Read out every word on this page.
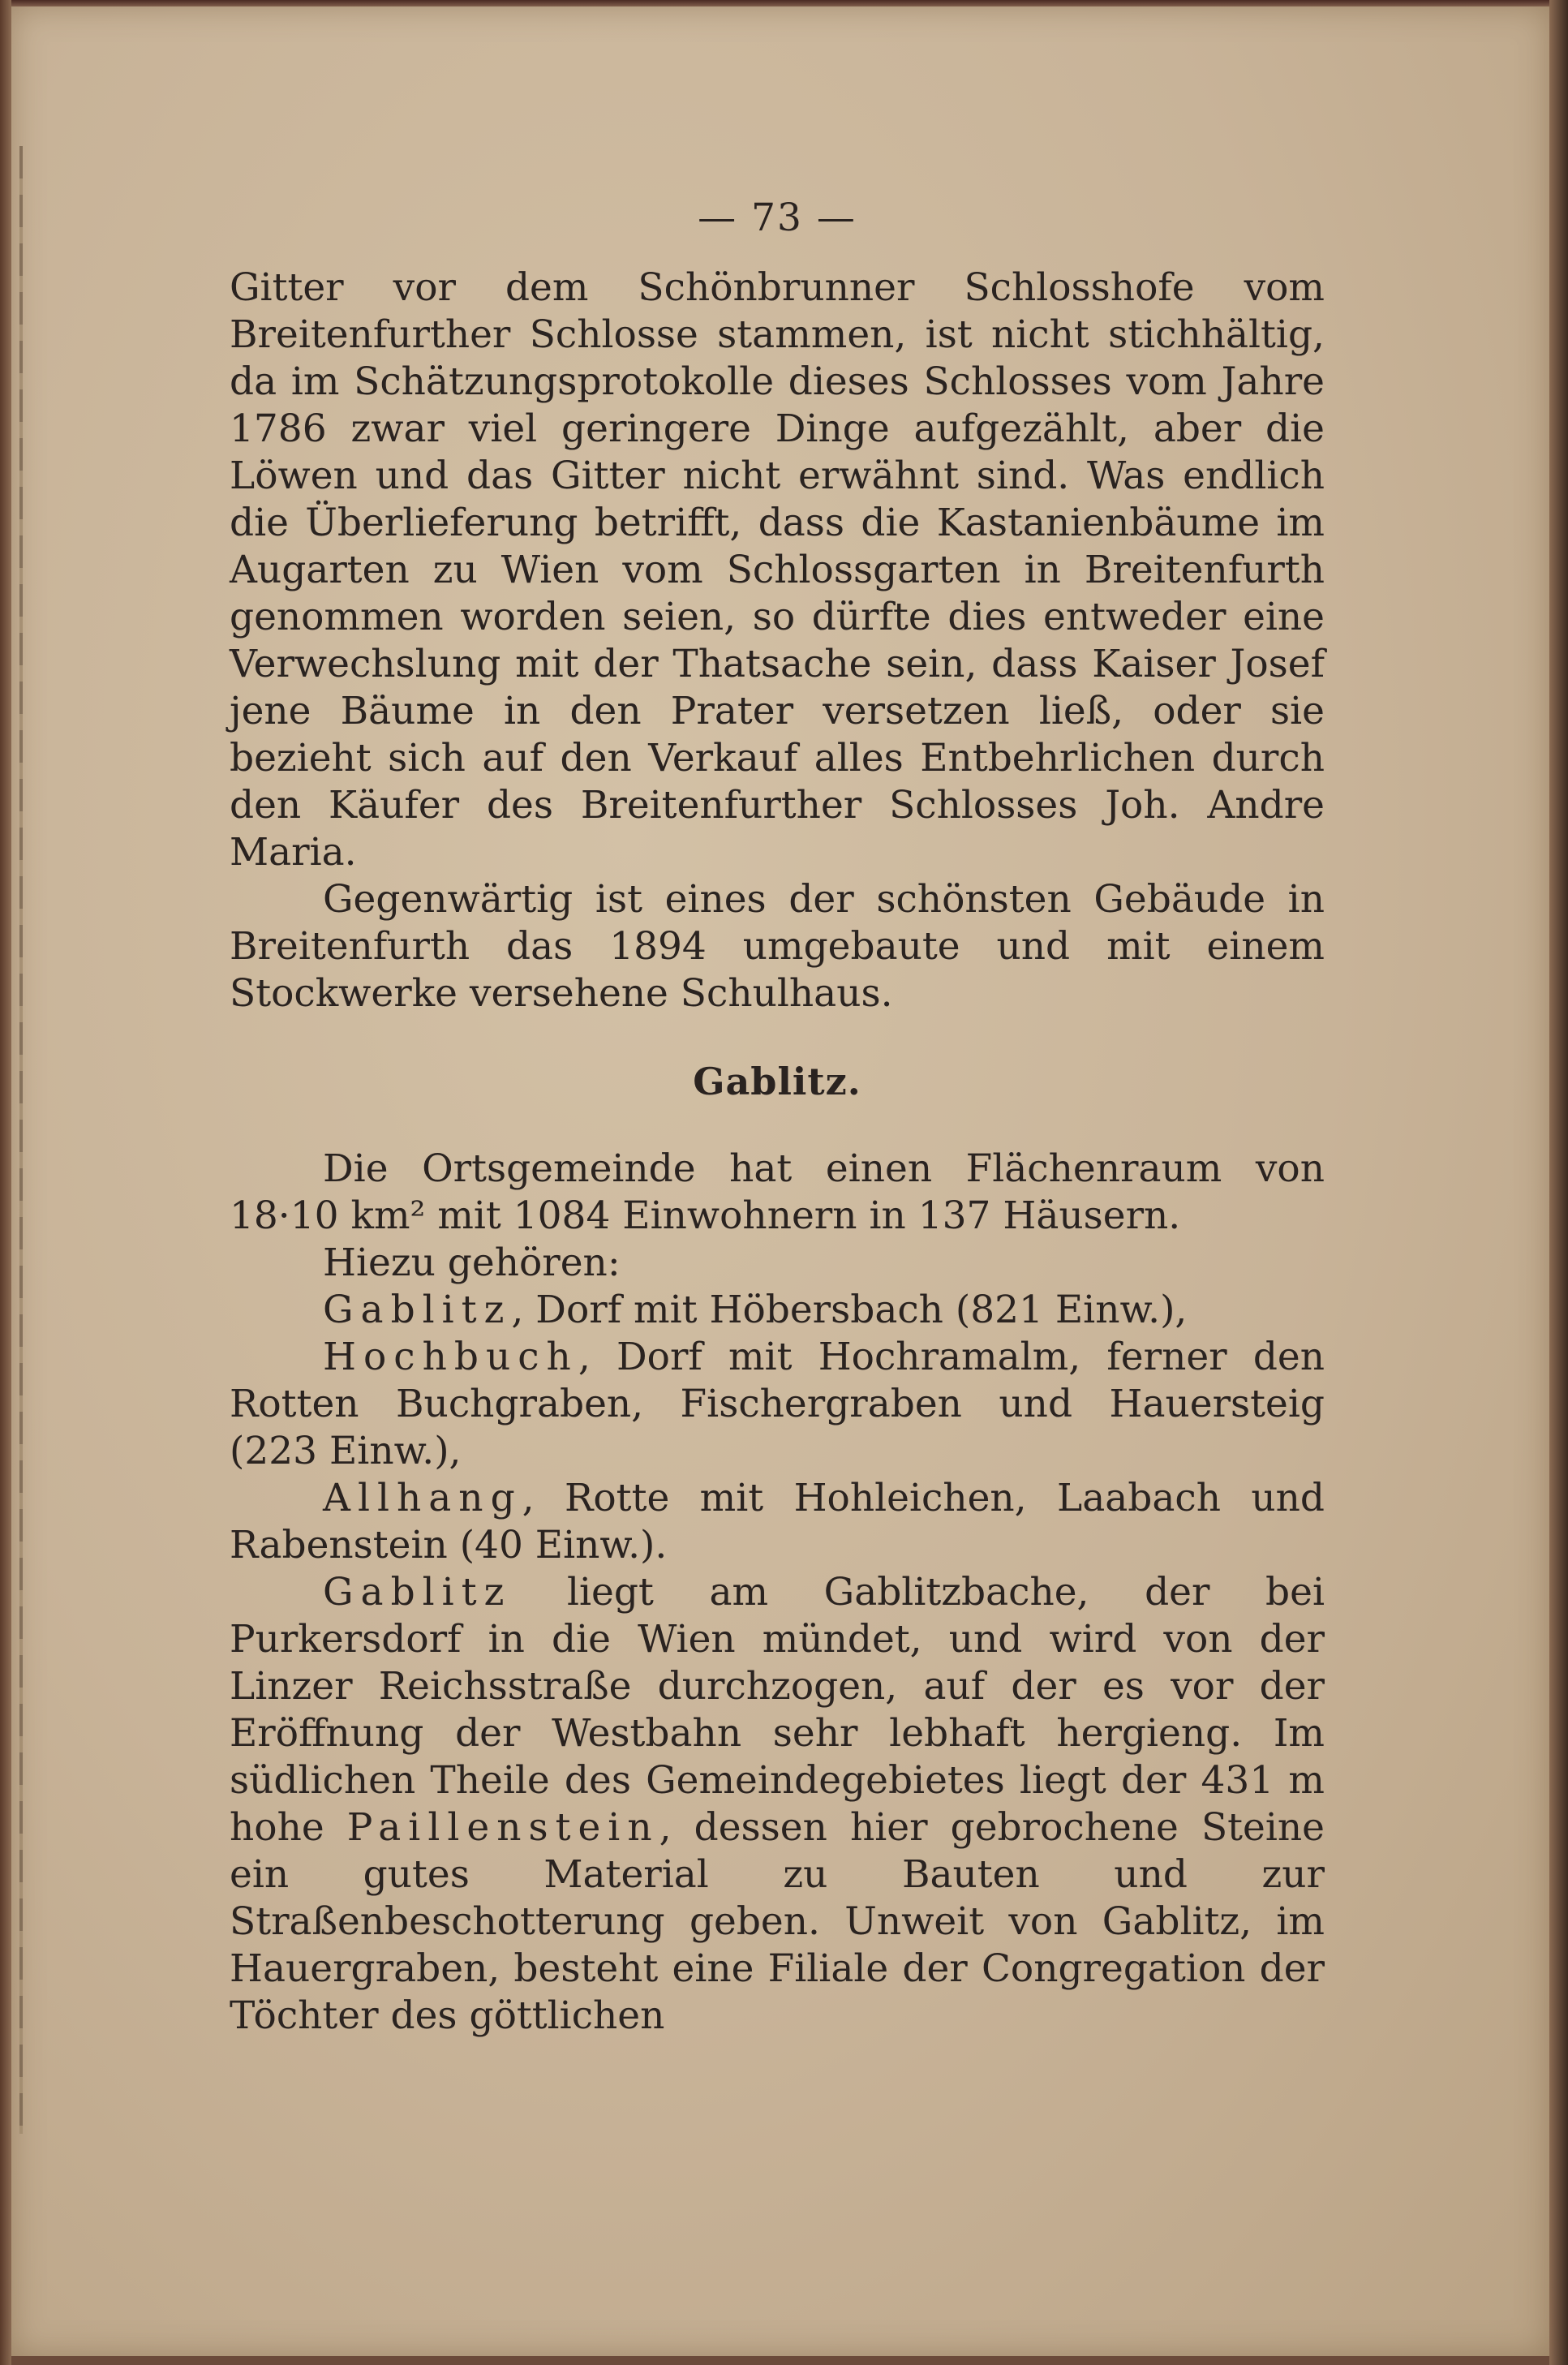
— 73 —

Gitter vor dem Schönbrunner Schlosshofe vom Breitenfurther Schlosse stammen, ist nicht stichhältig, da im Schätzungsprotokolle dieses Schlosses vom Jahre 1786 zwar viel geringere Dinge aufgezählt, aber die Löwen und das Gitter nicht erwähnt sind. Was endlich die Überlieferung betrifft, dass die Kastanienbäume im Augarten zu Wien vom Schlossgarten in Breitenfurth genommen worden seien, so dürfte dies entweder eine Verwechslung mit der Thatsache sein, dass Kaiser Josef jene Bäume in den Prater versetzen ließ, oder sie bezieht sich auf den Verkauf alles Entbehrlichen durch den Käufer des Breitenfurther Schlosses Joh. Andre Maria.

Gegenwärtig ist eines der schönsten Gebäude in Breitenfurth das 1894 umgebaute und mit einem Stockwerke versehene Schulhaus.

Gablitz.

Die Ortsgemeinde hat einen Flächenraum von 18·10 km² mit 1084 Einwohnern in 137 Häusern.

Hiezu gehören:

Gablitz, Dorf mit Höbersbach (821 Einw.),

Hochbuch, Dorf mit Hochramalm, ferner den Rotten Buchgraben, Fischergraben und Hauersteig (223 Einw.),

Allhang, Rotte mit Hohleichen, Laabach und Rabenstein (40 Einw.).

Gablitz liegt am Gablitzbache, der bei Purkersdorf in die Wien mündet, und wird von der Linzer Reichsstraße durchzogen, auf der es vor der Eröffnung der Westbahn sehr lebhaft hergieng. Im südlichen Theile des Gemeindegebietes liegt der 431 m hohe Paillenstein, dessen hier gebrochene Steine ein gutes Material zu Bauten und zur Straßenbeschotterung geben. Unweit von Gablitz, im Hauergraben, besteht eine Filiale der Congregation der Töchter des göttlichen
